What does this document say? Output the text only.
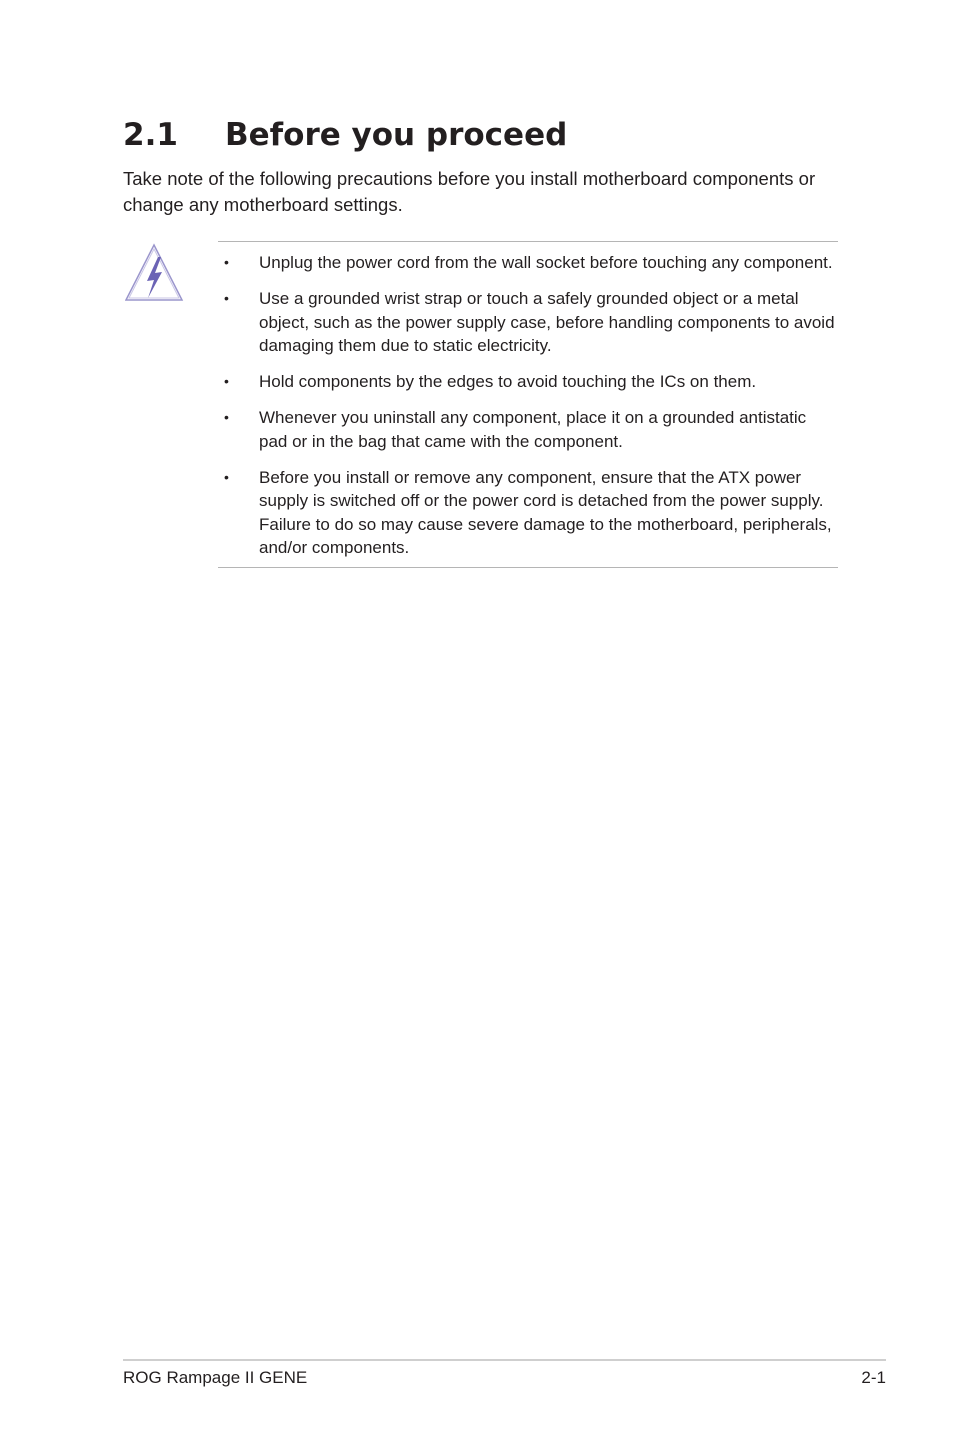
2.1 Before you proceed

Take note of the following precautions before you install motherboard components or change any motherboard settings.

• Unplug the power cord from the wall socket before touching any component.
• Use a grounded wrist strap or touch a safely grounded object or a metal object, such as the power supply case, before handling components to avoid damaging them due to static electricity.
• Hold components by the edges to avoid touching the ICs on them.
• Whenever you uninstall any component, place it on a grounded antistatic pad or in the bag that came with the component.
• Before you install or remove any component, ensure that the ATX power supply is switched off or the power cord is detached from the power supply. Failure to do so may cause severe damage to the motherboard, peripherals, and/or components.
ROG Rampage II GENE	2-1
